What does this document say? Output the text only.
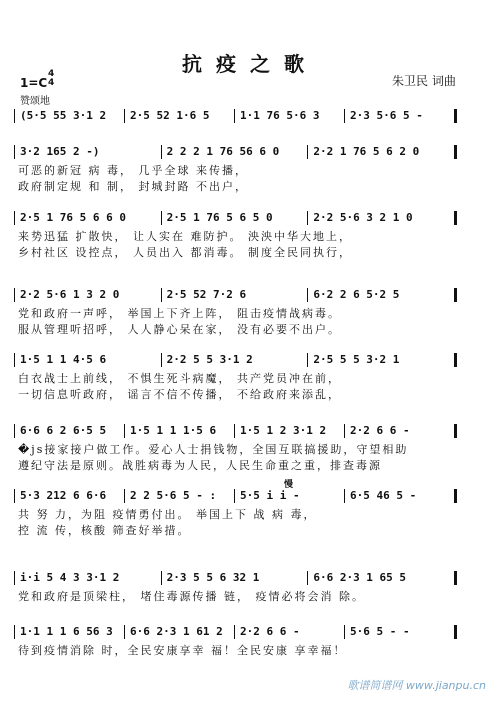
抗疫之歌
1=C
4
4
赞颂地
朱卫民 词曲
(5·5 55 3·1 2 2·5 52 1·6 5	1·1 76 5·6 3	2·3 5·6 5 -
3·2 165 2 -)	2 2 2 1 76 56 6 0	2·2 1 76 5 6 2 0
可恶的新冠 病 毒， 几乎全球 来传播，
政府制定规 和 制， 封城封路 不出户，
2·5 1 76 5 6 6 0	2·5 1 76 5 6 5 0	2·2 5·6 3 2 1 0
来势迅猛 扩散快， 让人实在 难防护。 泱泱中华大地上，
乡村社区 设控点， 人员出入 都消毒。 制度全民同执行，
2·2 5·6 1 3 2 0	2·5 52 7·2 6	6·2 2 6 5·2 5
党和政府一声呼， 举国上下齐上阵， 阻击疫情战病毒。
服从管理听招呼， 人人静心呆在家， 没有必要不出户。
1·5 1 1 4·5 6	2·2 5 5 3·1 2	2·5 5 5 3·2 1
白衣战士上前线， 不惧生死斗病魔， 共产党员冲在前，
一切信息听政府， 谣言不信不传播， 不给政府来添乱，
6·6 6 2 6·5 5 1·5 1 1 1·5 6 1·5 1 2 3·1 2 2·2 6 6 -
�js接家接户做工作。爱心人士捐钱物，全国互联搞援助，守望相助
遵纪守法是原则。战胜病毒为人民，人民生命重之重，排查毒源
5·3 212 6 6·6 2 2 5·6 5 - : 5·5 i i -	6·5 46 5 -
慢
共 努 力，为阻 疫情勇付出。 举国上下 战 病 毒，
控 流 传，核酸 筛查好举措。
i·i 5 4 3 3·1 2	2·3 5 5 6 32 1	6·6 2·3 1 65 5
党和政府是顶梁柱， 堵住毒源传播 链， 疫情必将会消 除。
1·1 1 1 6 56 3 6·6 2·3 1 61 2 2·2 6 6 -	5·6 5 - -
待到疫情消除 时，全民安康享幸 福！全民安康 享幸福！
歌谱简谱网 www.jianpu.cn
